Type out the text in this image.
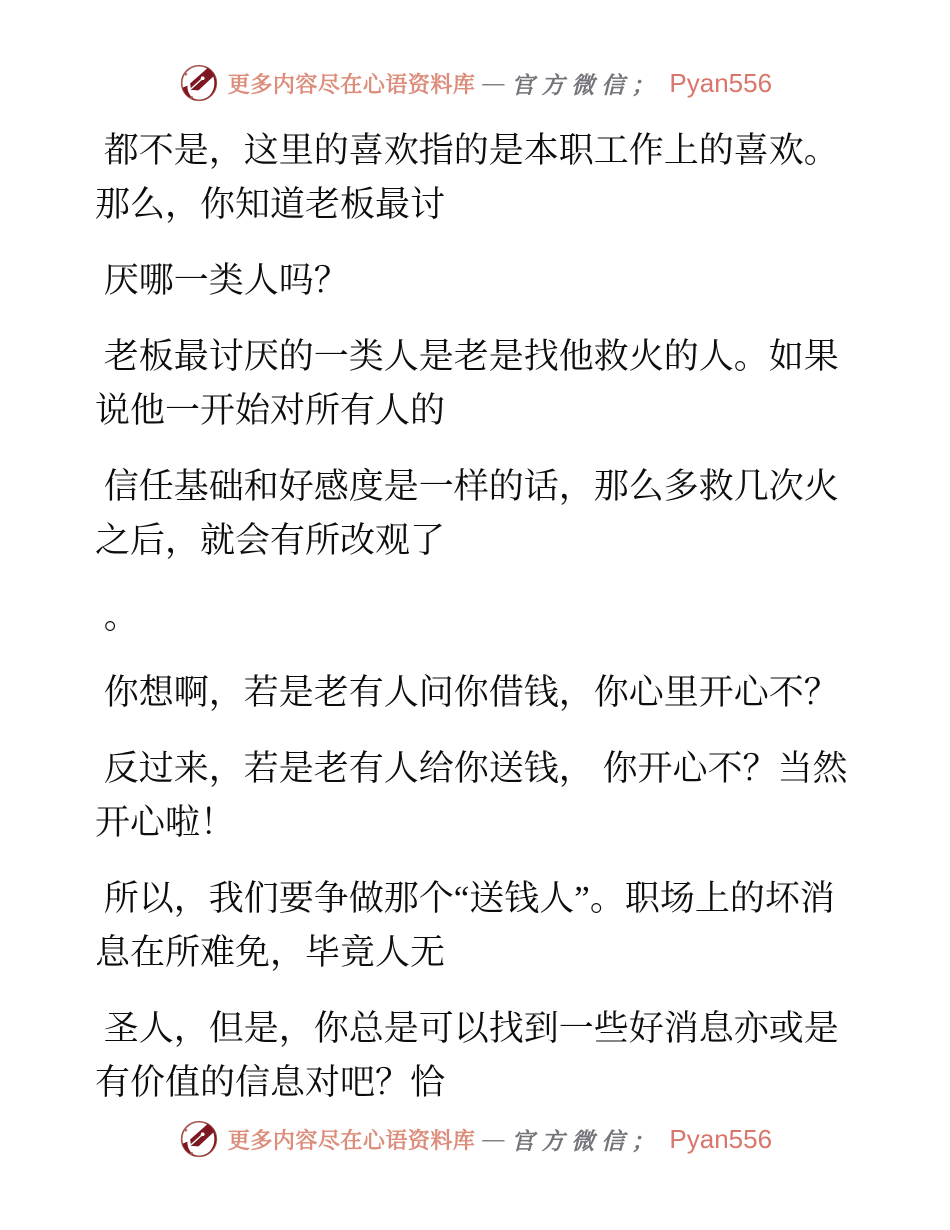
更多内容尽在心语资料库 — 官方微信； Pyan556

都不是，这里的喜欢指的是本职工作上的喜欢。那么，你知道老板最讨

厌哪一类人吗？

老板最讨厌的一类人是老是找他救火的人。如果说他一开始对所有人的

信任基础和好感度是一样的话，那么多救几次火之后，就会有所改观了

。

你想啊，若是老有人问你借钱，你心里开心不？

反过来，若是老有人给你送钱， 你开心不？当然开心啦！

所以，我们要争做那个“送钱人”。职场上的坏消息在所难免，毕竟人无

圣人，但是，你总是可以找到一些好消息亦或是有价值的信息对吧？恰

更多内容尽在心语资料库 — 官方微信； Pyan556
